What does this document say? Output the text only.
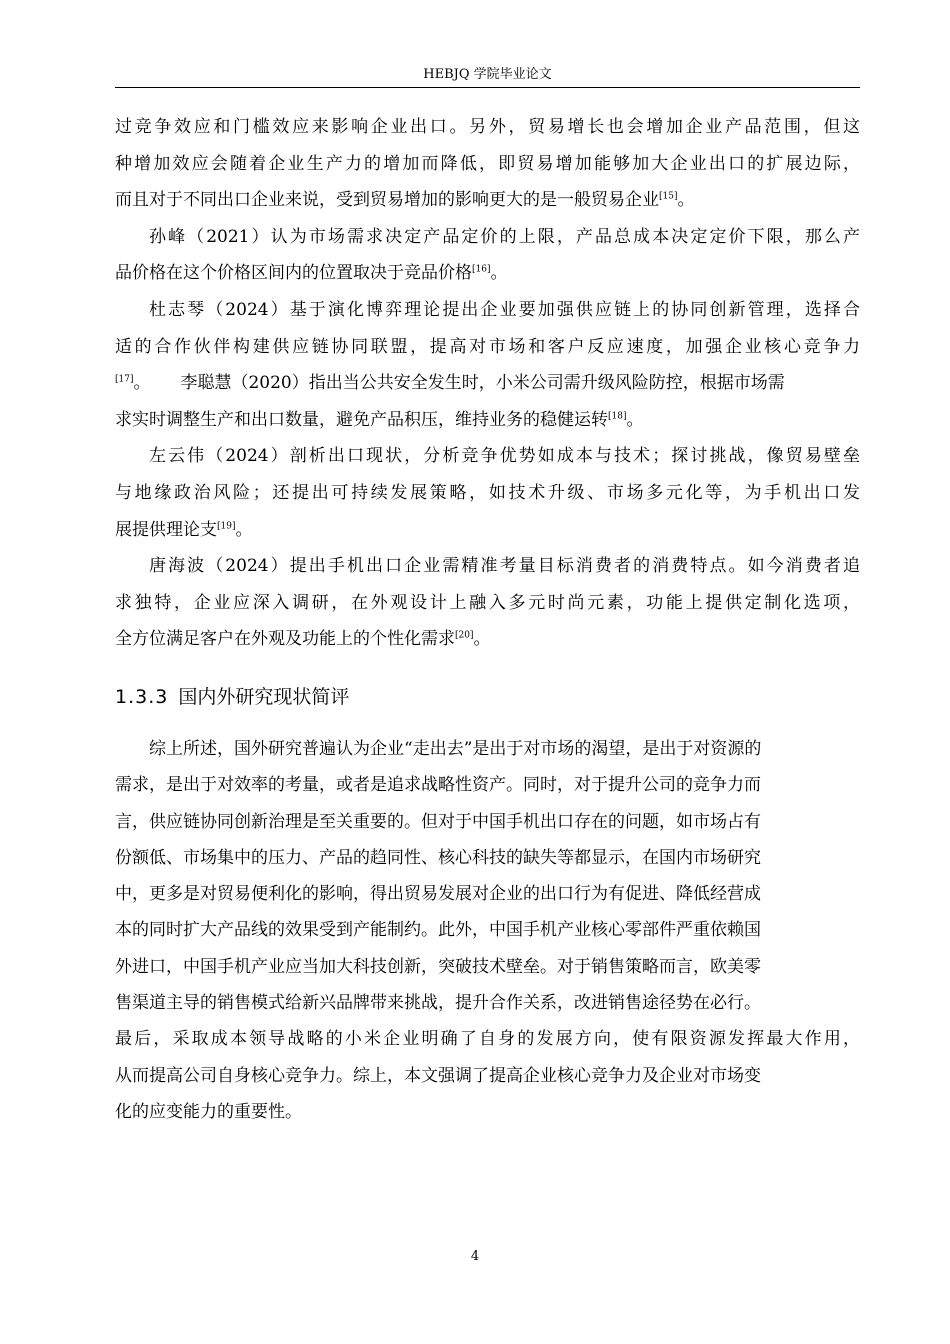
HEBJQ 学院毕业论文
过竞争效应和门槛效应来影响企业出口。另外，贸易增长也会增加企业产品范围，但这
种增加效应会随着企业生产力的增加而降低，即贸易增加能够加大企业出口的扩展边际，
而且对于不同出口企业来说，受到贸易增加的影响更大的是一般贸易企业[15]。
孙峰（2021）认为市场需求决定产品定价的上限，产品总成本决定定价下限，那么产
品价格在这个价格区间内的位置取决于竞品价格[16]。
杜志琴（2024）基于演化博弈理论提出企业要加强供应链上的协同创新管理，选择合
适的合作伙伴构建供应链协同联盟，提高对市场和客户反应速度，加强企业核心竞争力
[17]。 李聪慧（2020）指出当公共安全发生时，小米公司需升级风险防控，根据市场需
求实时调整生产和出口数量，避免产品积压，维持业务的稳健运转[18]。
左云伟（2024）剖析出口现状，分析竞争优势如成本与技术；探讨挑战，像贸易壁垒
与地缘政治风险；还提出可持续发展策略，如技术升级、市场多元化等，为手机出口发
展提供理论支[19]。
唐海波（2024）提出手机出口企业需精准考量目标消费者的消费特点。如今消费者追
求独特，企业应深入调研，在外观设计上融入多元时尚元素，功能上提供定制化选项，
全方位满足客户在外观及功能上的个性化需求[20]。
1.3.3 国内外研究现状简评
综上所述，国外研究普遍认为企业“走出去”是出于对市场的渴望，是出于对资源的
需求，是出于对效率的考量，或者是追求战略性资产。同时，对于提升公司的竞争力而
言，供应链协同创新治理是至关重要的。但对于中国手机出口存在的问题，如市场占有
份额低、市场集中的压力、产品的趋同性、核心科技的缺失等都显示，在国内市场研究
中，更多是对贸易便利化的影响，得出贸易发展对企业的出口行为有促进、降低经营成
本的同时扩大产品线的效果受到产能制约。此外，中国手机产业核心零部件严重依赖国
外进口，中国手机产业应当加大科技创新，突破技术壁垒。对于销售策略而言，欧美零
售渠道主导的销售模式给新兴品牌带来挑战，提升合作关系，改进销售途径势在必行。
最后，采取成本领导战略的小米企业明确了自身的发展方向，使有限资源发挥最大作用，
从而提高公司自身核心竞争力。综上，本文强调了提高企业核心竞争力及企业对市场变
化的应变能力的重要性。
4
